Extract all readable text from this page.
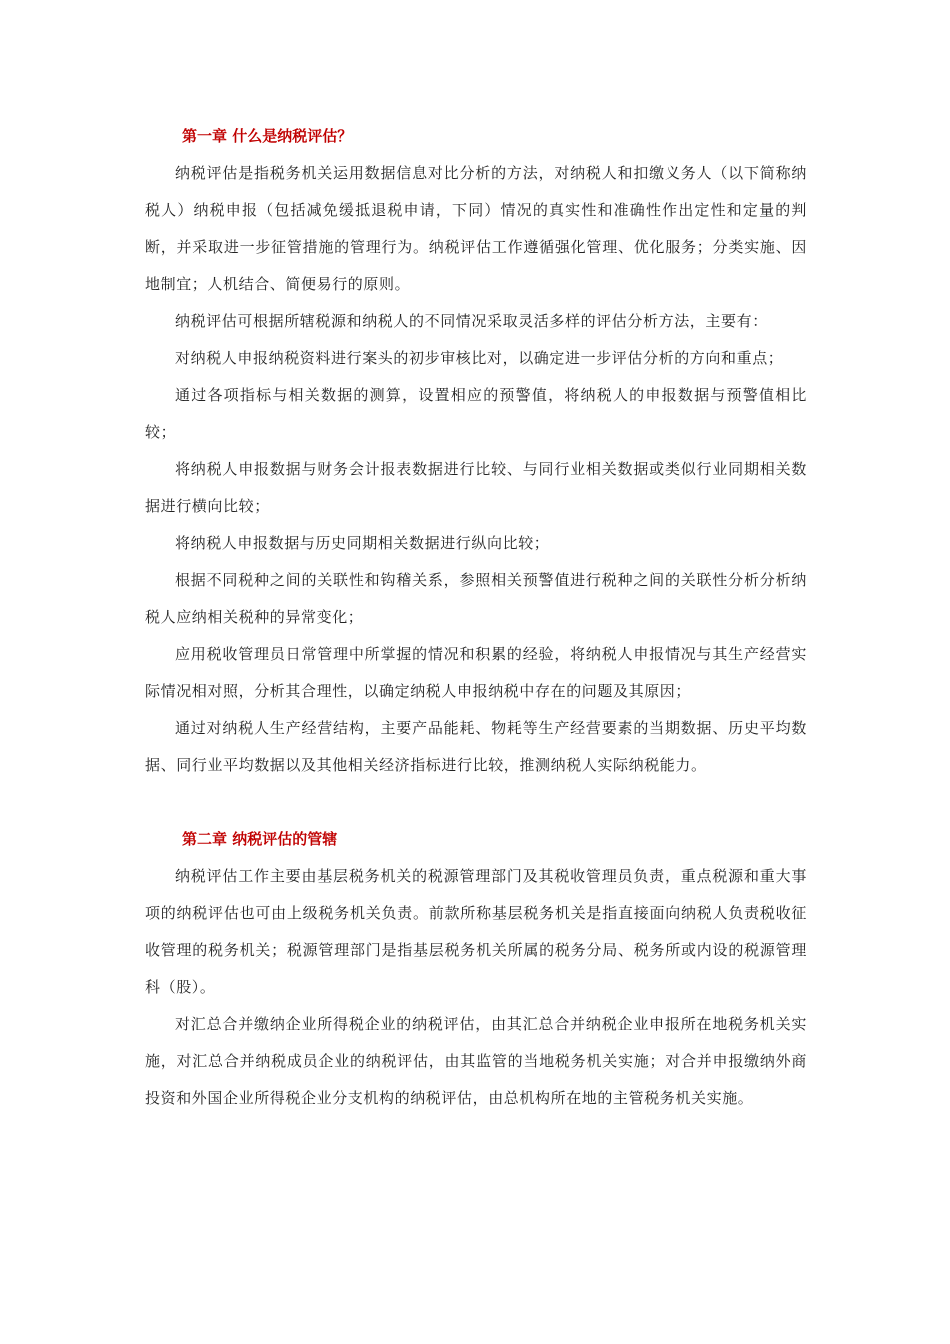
第一章 什么是纳税评估？

纳税评估是指税务机关运用数据信息对比分析的方法，对纳税人和扣缴义务人（以下简称纳税人）纳税申报（包括减免缓抵退税申请，下同）情况的真实性和准确性作出定性和定量的判断，并采取进一步征管措施的管理行为。纳税评估工作遵循强化管理、优化服务；分类实施、因地制宜；人机结合、简便易行的原则。

纳税评估可根据所辖税源和纳税人的不同情况采取灵活多样的评估分析方法，主要有：

对纳税人申报纳税资料进行案头的初步审核比对，以确定进一步评估分析的方向和重点；

通过各项指标与相关数据的测算，设置相应的预警值，将纳税人的申报数据与预警值相比较；

将纳税人申报数据与财务会计报表数据进行比较、与同行业相关数据或类似行业同期相关数据进行横向比较；

将纳税人申报数据与历史同期相关数据进行纵向比较；

根据不同税种之间的关联性和钩稽关系，参照相关预警值进行税种之间的关联性分析分析纳税人应纳相关税种的异常变化；

应用税收管理员日常管理中所掌握的情况和积累的经验，将纳税人申报情况与其生产经营实际情况相对照，分析其合理性，以确定纳税人申报纳税中存在的问题及其原因；

通过对纳税人生产经营结构，主要产品能耗、物耗等生产经营要素的当期数据、历史平均数据、同行业平均数据以及其他相关经济指标进行比较，推测纳税人实际纳税能力。

第二章 纳税评估的管辖

纳税评估工作主要由基层税务机关的税源管理部门及其税收管理员负责，重点税源和重大事项的纳税评估也可由上级税务机关负责。前款所称基层税务机关是指直接面向纳税人负责税收征收管理的税务机关；税源管理部门是指基层税务机关所属的税务分局、税务所或内设的税源管理科（股）。

对汇总合并缴纳企业所得税企业的纳税评估，由其汇总合并纳税企业申报所在地税务机关实施，对汇总合并纳税成员企业的纳税评估，由其监管的当地税务机关实施；对合并申报缴纳外商投资和外国企业所得税企业分支机构的纳税评估，由总机构所在地的主管税务机关实施。
